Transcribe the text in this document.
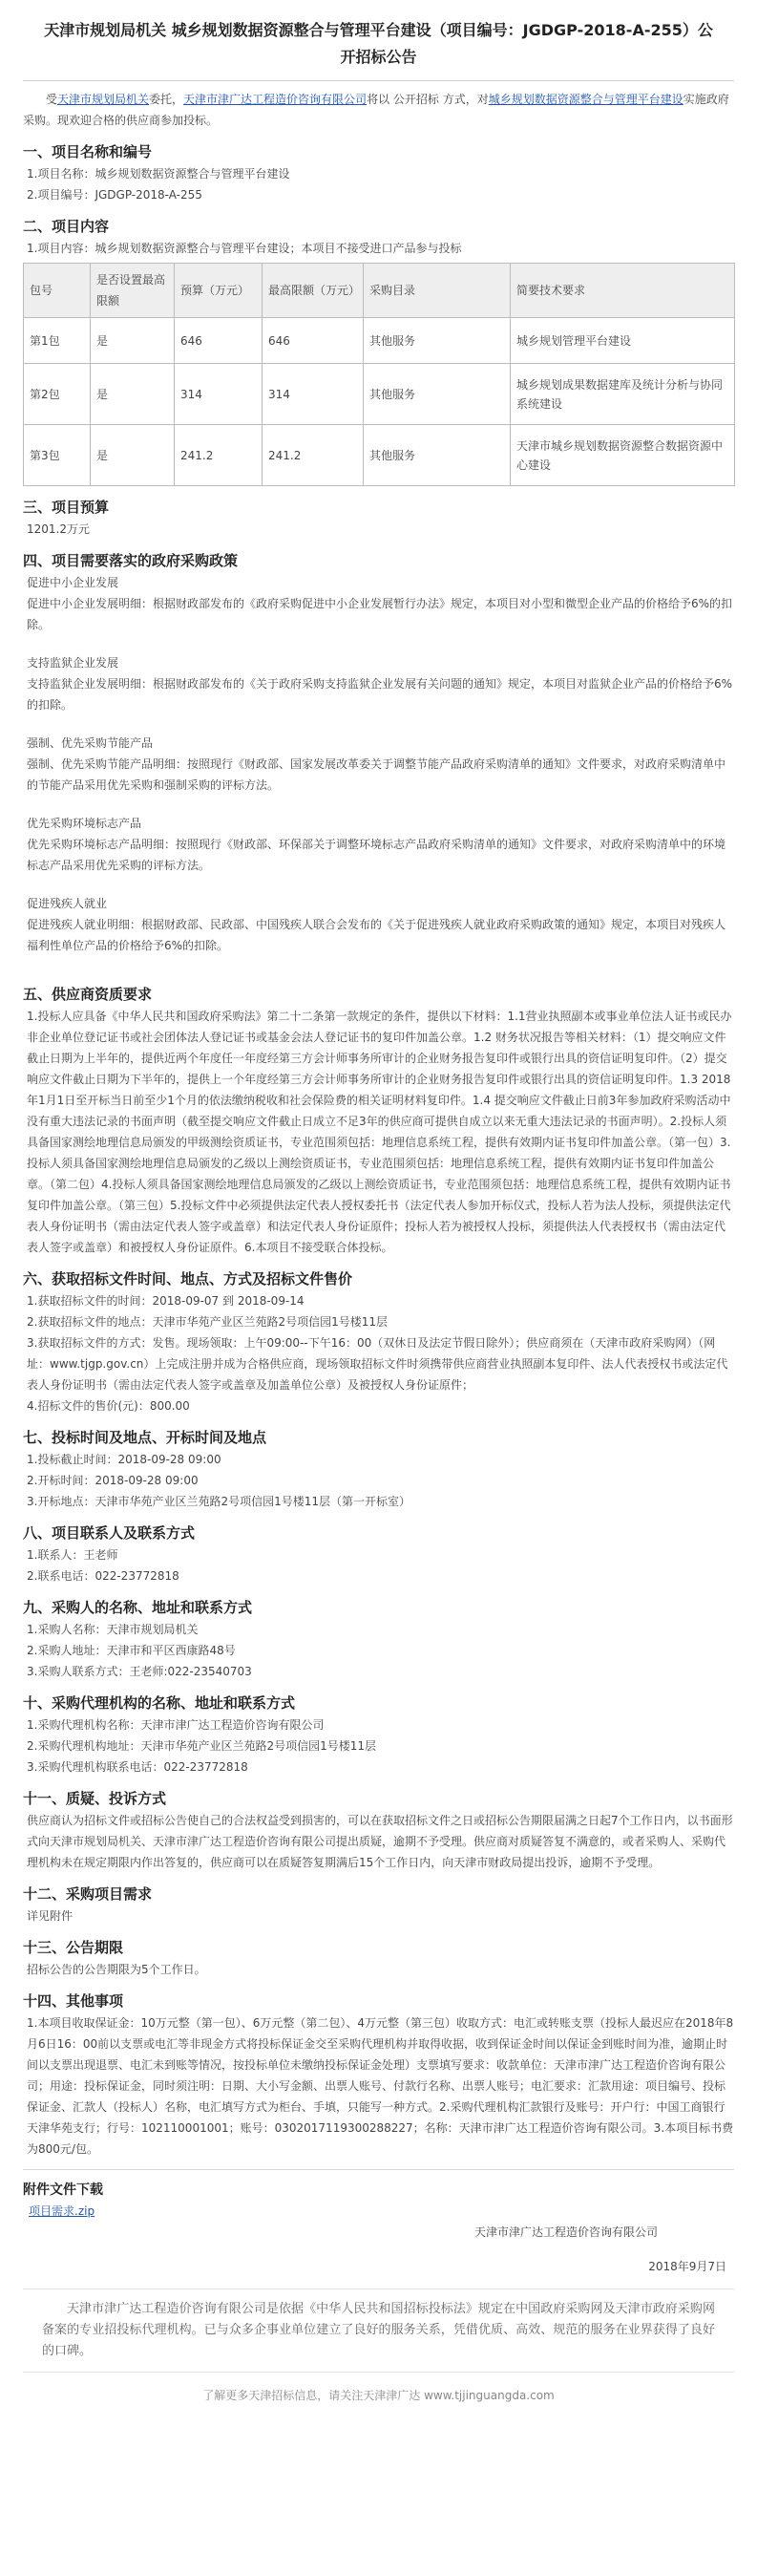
天津市规划局机关 城乡规划数据资源整合与管理平台建设（项目编号：JGDGP-2018-A-255）公开招标公告

受天津市规划局机关委托，天津市津广达工程造价咨询有限公司将以 公开招标 方式，对城乡规划数据资源整合与管理平台建设实施政府采购。现欢迎合格的供应商参加投标。

一、项目名称和编号
1.项目名称：城乡规划数据资源整合与管理平台建设
2.项目编号：JGDGP-2018-A-255
二、项目内容
1.项目内容：城乡规划数据资源整合与管理平台建设；本项目不接受进口产品参与投标
包号	是否设置最高限额	预算（万元）	最高限额（万元）	采购目录	简要技术要求
第1包	是	646	646	其他服务	城乡规划管理平台建设
第2包	是	314	314	其他服务	城乡规划成果数据建库及统计分析与协同系统建设
第3包	是	241.2	241.2	其他服务	天津市城乡规划数据资源整合数据资源中心建设
三、项目预算
1201.2万元
四、项目需要落实的政府采购政策
促进中小企业发展
促进中小企业发展明细：根据财政部发布的《政府采购促进中小企业发展暂行办法》规定，本项目对小型和微型企业产品的价格给予6%的扣除。
支持监狱企业发展
支持监狱企业发展明细：根据财政部发布的《关于政府采购支持监狱企业发展有关问题的通知》规定，本项目对监狱企业产品的价格给予6%的扣除。
强制、优先采购节能产品
强制、优先采购节能产品明细：按照现行《财政部、国家发展改革委关于调整节能产品政府采购清单的通知》文件要求，对政府采购清单中的节能产品采用优先采购和强制采购的评标方法。
优先采购环境标志产品
优先采购环境标志产品明细：按照现行《财政部、环保部关于调整环境标志产品政府采购清单的通知》文件要求，对政府采购清单中的环境标志产品采用优先采购的评标方法。
促进残疾人就业
促进残疾人就业明细：根据财政部、民政部、中国残疾人联合会发布的《关于促进残疾人就业政府采购政策的通知》规定，本项目对残疾人福利性单位产品的价格给予6%的扣除。
五、供应商资质要求
1.投标人应具备《中华人民共和国政府采购法》第二十二条第一款规定的条件，提供以下材料：1.1营业执照副本或事业单位法人证书或民办非企业单位登记证书或社会团体法人登记证书或基金会法人登记证书的复印件加盖公章。1.2 财务状况报告等相关材料：（1）提交响应文件截止日期为上半年的，提供近两个年度任一年度经第三方会计师事务所审计的企业财务报告复印件或银行出具的资信证明复印件。（2）提交响应文件截止日期为下半年的，提供上一个年度经第三方会计师事务所审计的企业财务报告复印件或银行出具的资信证明复印件。1.3 2018年1月1日至开标当日前至少1个月的依法缴纳税收和社会保险费的相关证明材料复印件。1.4 提交响应文件截止日前3年参加政府采购活动中没有重大违法记录的书面声明（截至提交响应文件截止日成立不足3年的供应商可提供自成立以来无重大违法记录的书面声明）。2.投标人须具备国家测绘地理信息局颁发的甲级测绘资质证书，专业范围须包括：地理信息系统工程，提供有效期内证书复印件加盖公章。（第一包）3.投标人须具备国家测绘地理信息局颁发的乙级以上测绘资质证书，专业范围须包括：地理信息系统工程，提供有效期内证书复印件加盖公章。（第二包）4.投标人须具备国家测绘地理信息局颁发的乙级以上测绘资质证书，专业范围须包括：地理信息系统工程，提供有效期内证书复印件加盖公章。（第三包）5.投标文件中必须提供法定代表人授权委托书（法定代表人参加开标仪式，投标人若为法人投标，须提供法定代表人身份证明书（需由法定代表人签字或盖章）和法定代表人身份证原件；投标人若为被授权人投标，须提供法人代表授权书（需由法定代表人签字或盖章）和被授权人身份证原件。6.本项目不接受联合体投标。
六、获取招标文件时间、地点、方式及招标文件售价
1.获取招标文件的时间：2018-09-07 到 2018-09-14
2.获取招标文件的地点：天津市华苑产业区兰苑路2号项信园1号楼11层
3.获取招标文件的方式：发售。现场领取：上午09:00--下午16：00（双休日及法定节假日除外）；供应商须在（天津市政府采购网）（网址：www.tjgp.gov.cn）上完成注册并成为合格供应商，现场领取招标文件时须携带供应商营业执照副本复印件、法人代表授权书或法定代表人身份证明书（需由法定代表人签字或盖章及加盖单位公章）及被授权人身份证原件；
4.招标文件的售价(元)：800.00
七、投标时间及地点、开标时间及地点
1.投标截止时间：2018-09-28 09:00
2.开标时间：2018-09-28 09:00
3.开标地点：天津市华苑产业区兰苑路2号项信园1号楼11层（第一开标室）
八、项目联系人及联系方式
1.联系人：王老师
2.联系电话：022-23772818
九、采购人的名称、地址和联系方式
1.采购人名称：天津市规划局机关
2.采购人地址：天津市和平区西康路48号
3.采购人联系方式：王老师:022-23540703
十、采购代理机构的名称、地址和联系方式
1.采购代理机构名称：天津市津广达工程造价咨询有限公司
2.采购代理机构地址：天津市华苑产业区兰苑路2号项信园1号楼11层
3.采购代理机构联系电话：022-23772818
十一、质疑、投诉方式
供应商认为招标文件或招标公告使自己的合法权益受到损害的，可以在获取招标文件之日或招标公告期限届满之日起7个工作日内，以书面形式向天津市规划局机关、天津市津广达工程造价咨询有限公司提出质疑，逾期不予受理。供应商对质疑答复不满意的，或者采购人、采购代理机构未在规定期限内作出答复的，供应商可以在质疑答复期满后15个工作日内，向天津市财政局提出投诉，逾期不予受理。
十二、采购项目需求
详见附件
十三、公告期限
招标公告的公告期限为5个工作日。
十四、其他事项
1.本项目收取保证金：10万元整（第一包）、6万元整（第二包）、4万元整（第三包）收取方式：电汇或转账支票（投标人最迟应在2018年8月6日16：00前以支票或电汇等非现金方式将投标保证金交至采购代理机构并取得收据，收到保证金时间以保证金到账时间为准，逾期止时间以支票出现退票、电汇未到账等情况，按投标单位未缴纳投标保证金处理）支票填写要求：收款单位：天津市津广达工程造价咨询有限公司；用途：投标保证金，同时须注明：日期、大小写金额、出票人账号、付款行名称、出票人账号；电汇要求：汇款用途：项目编号、投标保证金、汇款人（投标人）名称，电汇填写方式为柜台、手填，只能写一种方式。2.采购代理机构汇款银行及账号：开户行：中国工商银行天津华苑支行；行号：102110001001；账号：0302017119300288227；名称：天津市津广达工程造价咨询有限公司。3.本项目标书费为800元/包。
附件文件下载
项目需求.zip
天津市津广达工程造价咨询有限公司
2018年9月7日
天津市津广达工程造价咨询有限公司是依据《中华人民共和国招标投标法》规定在中国政府采购网及天津市政府采购网备案的专业招投标代理机构。已与众多企事业单位建立了良好的服务关系，凭借优质、高效、规范的服务在业界获得了良好的口碑。
了解更多天津招标信息，请关注天津津广达 www.tjjinguangda.com
